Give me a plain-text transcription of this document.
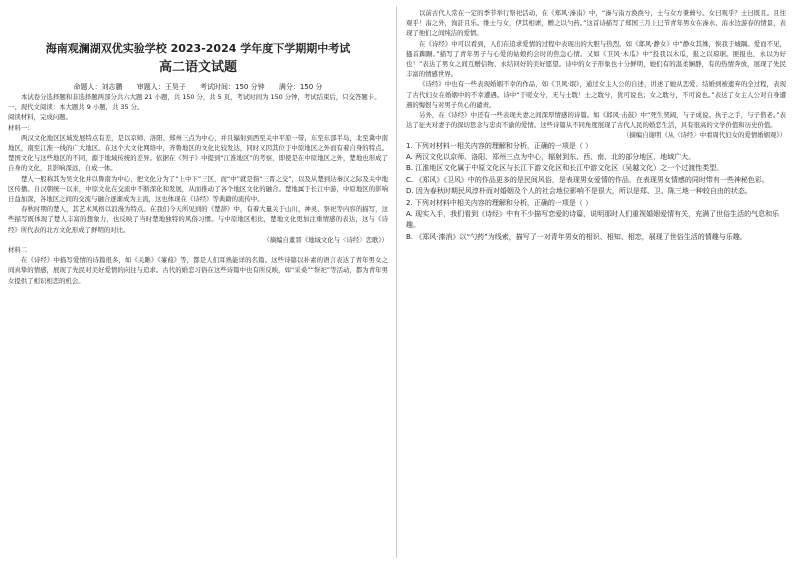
海南观澜湖双优实验学校 2023-2024 学年度下学期期中考试
高二语文试题
命题人：刘志鹏 审题人：王昊子 考试时间：150 分钟 满分：150 分

本试卷分选择题和非选择题两部分共六大题 21 小题，共 150 分，共 5 页，考试时间为 150 分钟，考试结束后，只交答题卡。

一、现代文阅读：本大题共 9 小题，共 35 分。

阅读材料，完成问题。

材料一：

两汉文化地区区域发展特点有差，是以京师、洛阳、郑州三点为中心，并且辐射到西至关中平原一带，东至东部半岛，北至冀中南地区，南至江淮一线的广大地区。在这个大文化网络中，齐鲁地区的文化比较发达，同时又因其位于中原地区之外而有着自身的特点。楚国文化与这些地区的不同，源于地域传统的差异。依据在《列子》中提到“江淮地区”的考察，即使是在中原地区之外，楚地也形成了自身的文化，且影响深远，自成一体。

楚人一般称其为吴文化并以鲁南为中心，把文化分为了“上中下”三区，而“中”就是指“三晋之交”，以及从楚到达秦汉之际及关中地区传播。自汉朝统一以来，中原文化在交流中不断深化和发展，从而推动了各个地区文化的融合。楚地属于长江中游，中原地区的影响日益加深，各地区之间的交流与融合逐渐成为主流，这也体现在《诗经》等典籍的流传中。

春秋时期的楚人，其艺术风格以浪漫为特点。在我们今天所见到的《楚辞》中，有着大量关于山川、神灵、祭祀等内容的描写，这些描写既体现了楚人丰富的想象力，也反映了当时楚地独特的风俗习惯。与中原地区相比，楚地文化更加注重情感的表达，这与《诗经》所代表的北方文化形成了鲜明的对比。

（摘编自董晋《地域文化与〈诗经〉恋歌》）

材料二

在《诗经》中描写爱情的诗篇很多，如《关雎》《蒹葭》等，都是人们耳熟能详的名篇。这些诗篇以朴素的语言表达了青年男女之间真挚的情感，展现了先民对美好爱情的向往与追求。古代的婚恋习俗在这些诗篇中也有所反映，如“采桑”“祭祀”等活动，都为青年男女提供了相识相恋的机会。

以前古代人常在一定的季节举行祭祀活动，在《郑风·溱洧》中，“溱与洧方涣涣兮，士与女方秉蕳兮。女曰观乎？士曰既且。且往观乎！洧之外，洵訏且乐。维士与女，伊其相谑，赠之以勺药。”这首诗描写了郑国三月上巳节青年男女在溱水、洧水边游春的情景，表现了他们之间纯洁的爱情。

在《诗经》中可以看到，人们在追求爱情的过程中表现出的大胆与热烈。如《邶风·静女》中“静女其姝，俟我于城隅。爱而不见，搔首踟蹰。”描写了青年男子与心爱的姑娘约会时的焦急心情。又如《卫风·木瓜》中“投我以木瓜，报之以琼琚。匪报也，永以为好也！”表达了男女之间互赠信物、永结同好的美好愿望。诗中的女子形象也十分鲜明，她们有的温柔娴静，有的热情奔放，展现了先民丰富的情感世界。

《诗经》中也有一些表现婚姻不幸的作品，如《卫风·氓》，通过女主人公的自述，讲述了她从恋爱、结婚到被遗弃的全过程，表现了古代妇女在婚姻中的不幸遭遇。诗中“于嗟女兮，无与士耽！士之耽兮，犹可说也；女之耽兮，不可说也。”表达了女主人公对自身遭遇的悔恨与对男子负心的谴责。

另外，在《诗经》中还有一些表现夫妻之间深厚情感的诗篇。如《邶风·击鼓》中“死生契阔，与子成说。执子之手，与子偕老。”表达了征夫对妻子的深切思念与忠贞不渝的爱情。这些诗篇从不同角度展现了古代人民的婚恋生活，具有很高的文学价值和历史价值。

（摘编自谢明《从〈诗经〉中看周代妇女的爱情婚姻观》）
1. 下列对材料一相关内容的理解和分析，正确的一项是（ ）
A. 两汉文化以京师、洛阳、郑州三点为中心，辐射到东、西、南、北的部分地区，地域广大。
B. 江淮地区文化属于中原文化区与长江下游文化区和长江中游文化区（吴越文化）之一个过渡性类型。
C. 《郑风》《卫风》中的作品更多的是民间风俗，是表现男女爱情的作品，在表现男女情感的同时带有一些神秘色彩。
D. 因为春秋时期民风淳朴而对婚姻及个人的社会地位影响不是很大，所以是郑、卫、陈三地一种较自由的状态。
2. 下列对材料中相关内容的理解和分析，正确的一项是（ ）
A. 现实入手，我们看到《诗经》中有不少描写恋爱的诗篇，说明那时人们重视婚姻爱情有关，充满了世俗生活的气息和乐趣。
B. 《郑风·溱洧》以“勺药”为线索，描写了一对青年男女的相识、相知、相恋，展现了世俗生活的情趣与乐趣。
